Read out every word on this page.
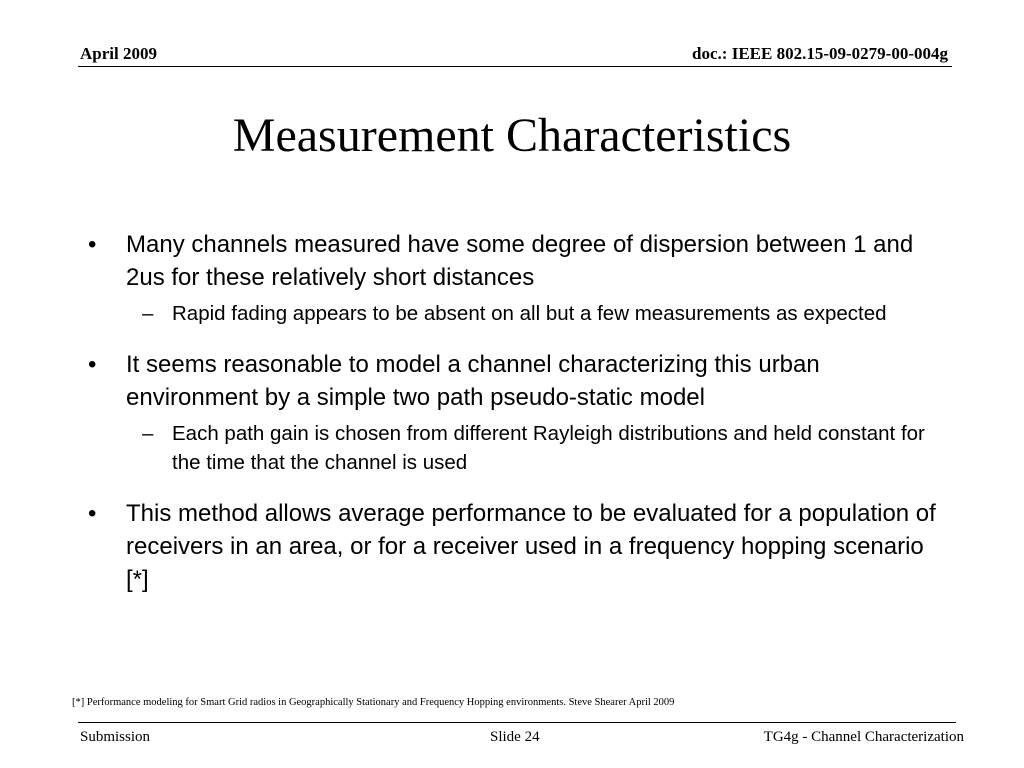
April 2009	doc.: IEEE 802.15-09-0279-00-004g
Measurement Characteristics
• Many channels measured have some degree of dispersion between 1 and 2us for these relatively short distances
– Rapid fading appears to be absent on all but a few measurements as expected
• It seems reasonable to model a channel characterizing this urban environment by a simple two path pseudo-static model
– Each path gain is chosen from different Rayleigh distributions and held constant for the time that the channel is used
• This method allows average performance to be evaluated for a population of receivers in an area, or for a receiver used in a frequency hopping scenario [*]
[*] Performance modeling for Smart Grid radios in Geographically Stationary and Frequency Hopping environments. Steve Shearer April 2009
Submission	Slide 24	TG4g - Channel Characterization
